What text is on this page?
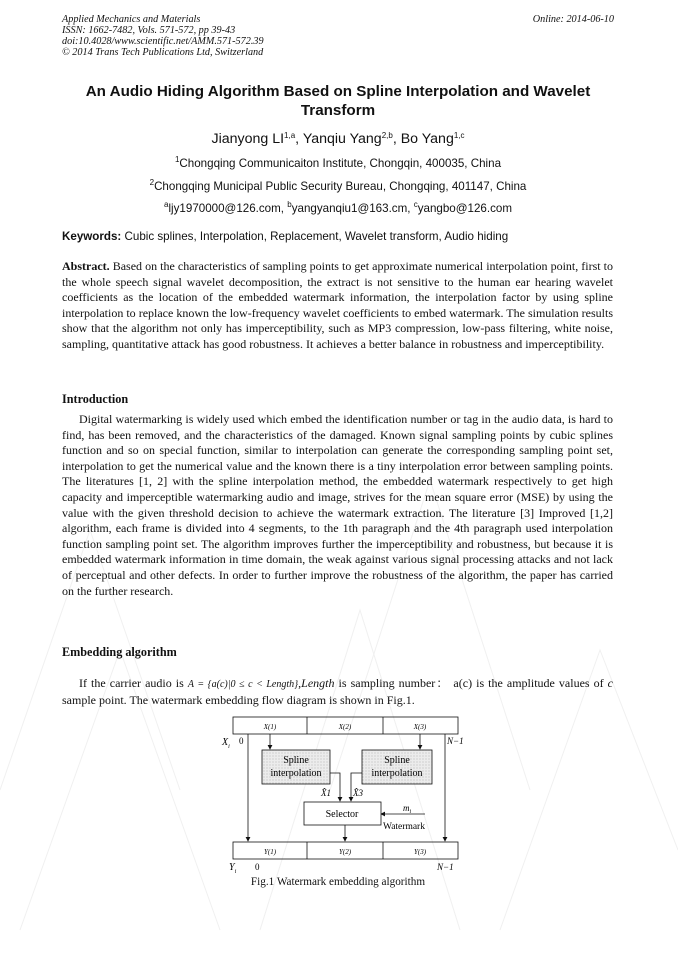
Applied Mechanics and Materials
ISSN: 1662-7482, Vols. 571-572, pp 39-43
doi:10.4028/www.scientific.net/AMM.571-572.39
© 2014 Trans Tech Publications Ltd, Switzerland
Online: 2014-06-10
An Audio Hiding Algorithm Based on Spline Interpolation and Wavelet Transform
Jianyong LI$^{1,a}$, Yanqiu Yang$^{2,b}$, Bo Yang$^{1,c}$
$^1$Chongqing Communicaiton Institute, Chongqin, 400035, China
$^2$Chongqing Municipal Public Security Bureau, Chongqing, 401147, China
$^a$ljy1970000@126.com, $^b$yangyanqiu1@163.cm, $^c$yangbo@126.com
Keywords: Cubic splines, Interpolation, Replacement, Wavelet transform, Audio hiding
Abstract. Based on the characteristics of sampling points to get approximate numerical interpolation point, first to the whole speech signal wavelet decomposition, the extract is not sensitive to the human ear hearing wavelet coefficients as the location of the embedded watermark information, the interpolation factor by using spline interpolation to replace known the low-frequency wavelet coefficients to embed watermark. The simulation results show that the algorithm not only has imperceptibility, such as MP3 compression, low-pass filtering, white noise, sampling, quantitative attack has good robustness. It achieves a better balance in robustness and imperceptibility.
Introduction
Digital watermarking is widely used which embed the identification number or tag in the audio data, is hard to find, has been removed, and the characteristics of the damaged. Known signal sampling points by cubic splines function and so on special function, similar to interpolation can generate the corresponding sampling point set, interpolation to get the numerical value and the known there is a tiny interpolation error between sampling points. The literatures [1, 2] with the spline interpolation method, the embedded watermark respectively to get high capacity and imperceptible watermarking audio and image, strives for the mean square error (MSE) by using the value with the given threshold decision to achieve the watermark extraction. The literature [3] Improved [1,2] algorithm, each frame is divided into 4 segments, to the 1th paragraph and the 4th paragraph used interpolation function sampling point set. The algorithm improves further the imperceptibility and robustness, but because it is embedded watermark information in time domain, the weak against various signal processing attacks and not lack of perceptual and other defects. In order to further improve the robustness of the algorithm, the paper has carried on the further research.
Embedding algorithm
If the carrier audio is A = {a(c)|0 ≤ c < Length},Length is sampling number： a(c) is the amplitude values of c sample point. The watermark embedding flow diagram is shown in Fig.1.
X(1)	X(2)	X(3)
$X_i$
0	N−1
Spline
interpolation
Spline
interpolation
X̂1 X̂3
Selector
$m_i$
Watermark
Y(1)	Y(2)	Y(3)
$Y_i$ 0	N−1
Fig.1 Watermark embedding algorithm
